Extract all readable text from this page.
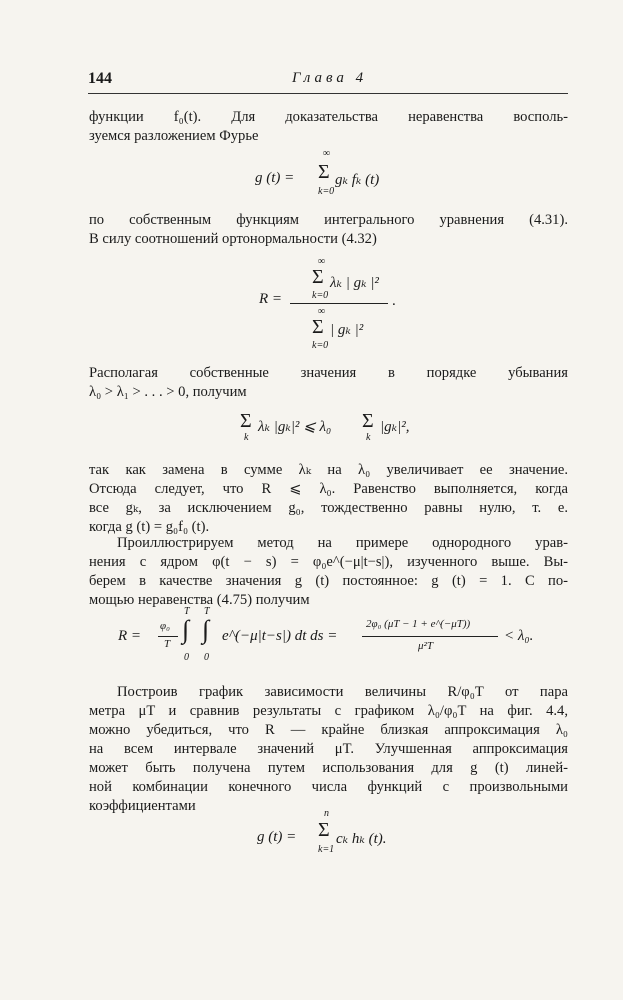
144	Глава 4
функции f₀(t). Для доказательства неравенства восполь-
зуемся разложением Фурье
g (t) = Σ
∞
k=0
gₖ fₖ (t)
по собственным функциям интегрального уравнения (4.31).
В силу соотношений ортонормальности (4.32)
R =
∞
Σ
k=0
λₖ | gₖ |²
.
∞
Σ
k=0
| gₖ |²
Располагая собственные значения в порядке убывания
λ₀ > λ₁ > . . . > 0, получим
Σ
k
λₖ |gₖ|² ⩽ λ₀ Σ
k
|gₖ|²,
так как замена в сумме λₖ на λ₀ увеличивает ее значение.
Отсюда следует, что R ⩽ λ₀. Равенство выполняется, когда
все gₖ, за исключением g₀, тождественно равны нулю, т. е.
когда g (t) = g₀f₀ (t).
Проиллюстрируем метод на примере однородного урав-
нения с ядром φ(t − s) = φ₀e^(−μ|t−s|), изученного выше. Вы-
берем в качестве значения g (t) постоянное: g (t) = 1. С по-
мощью неравенства (4.75) получим
R =
φ₀
T
T
∫
0
T
∫
0
e^(−μ|t−s|) dt ds =
2φ₀ (μT − 1 + e^(−μT))
μ²T
< λ₀.
Построив график зависимости величины R/φ₀T от пара
метра μT и сравнив результаты с графиком λ₀/φ₀T на фиг. 4.4,
можно убедиться, что R — крайне близкая аппроксимация λ₀
на всем интервале значений μT. Улучшенная аппроксимация
может быть получена путем использования для g (t) линей-
ной комбинации конечного числа функций с произвольными
коэффициентами
g (t) =
n
Σ
k=1
cₖ hₖ (t).
